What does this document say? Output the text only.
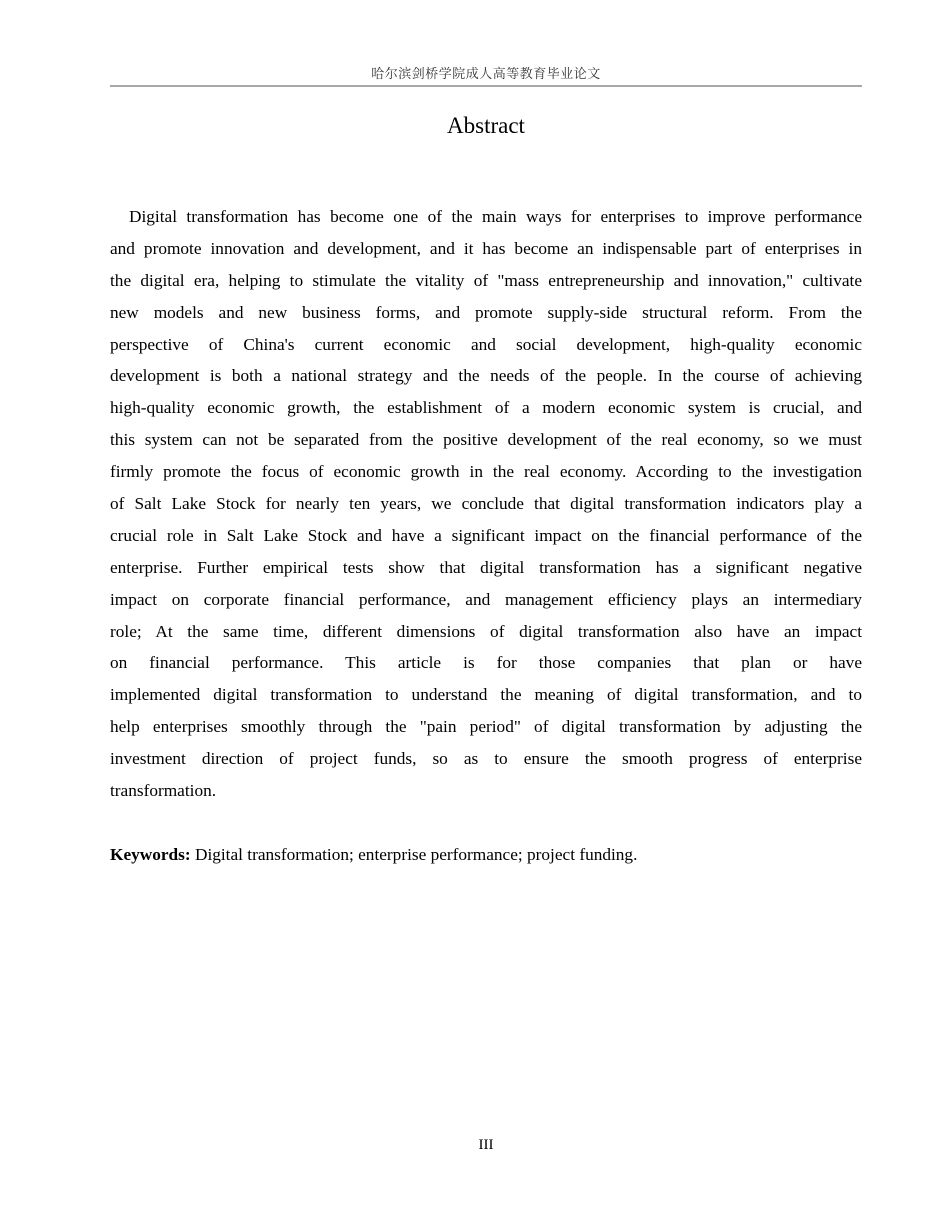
哈尔滨剑桥学院成人高等教育毕业论文
Abstract
Digital transformation has become one of the main ways for enterprises to improve performance
and promote innovation and development, and it has become an indispensable part of enterprises in
the digital era, helping to stimulate the vitality of "mass entrepreneurship and innovation," cultivate
new models and new business forms, and promote supply-side structural reform. From the
perspective of China's current economic and social development, high-quality economic
development is both a national strategy and the needs of the people. In the course of achieving
high-quality economic growth, the establishment of a modern economic system is crucial, and
this system can not be separated from the positive development of the real economy, so we must
firmly promote the focus of economic growth in the real economy. According to the investigation
of Salt Lake Stock for nearly ten years, we conclude that digital transformation indicators play a
crucial role in Salt Lake Stock and have a significant impact on the financial performance of the
enterprise. Further empirical tests show that digital transformation has a significant negative
impact on corporate financial performance, and management efficiency plays an intermediary
role; At the same time, different dimensions of digital transformation also have an impact
on financial performance. This article is for those companies that plan or have
implemented digital transformation to understand the meaning of digital transformation, and to
help enterprises smoothly through the "pain period" of digital transformation by adjusting the
investment direction of project funds, so as to ensure the smooth progress of enterprise
transformation.
Keywords: Digital transformation; enterprise performance; project funding.
III
